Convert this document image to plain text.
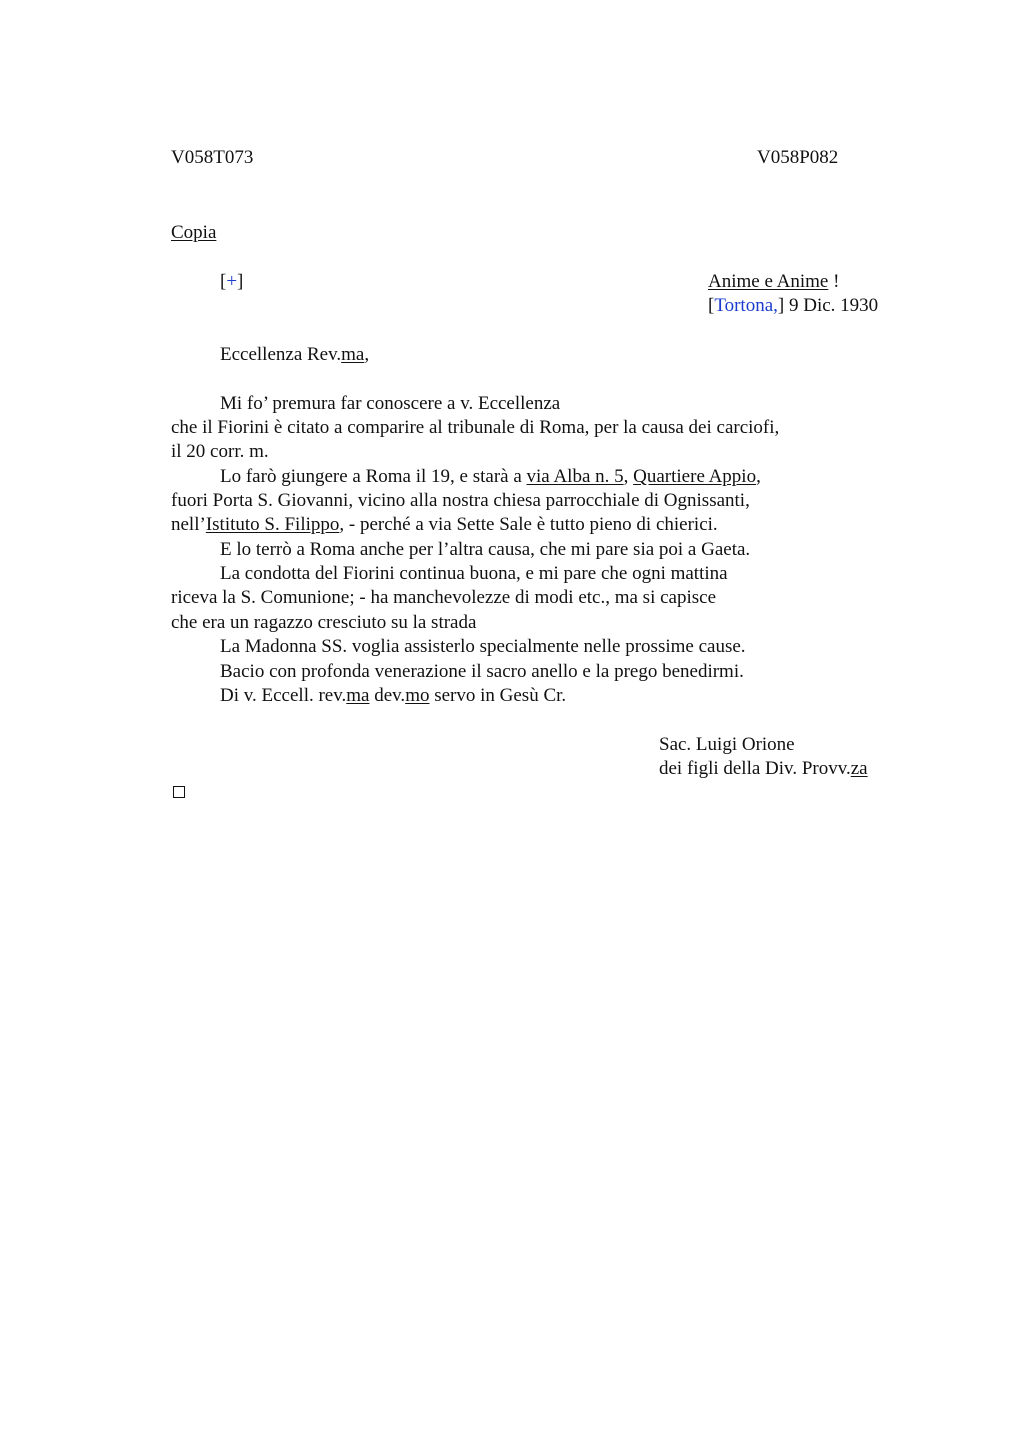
V058T073	V058P082
Copia
[+]	Anime e Anime !
[Tortona,] 9 Dic. 1930
Eccellenza Rev.ma,
Mi fo’ premura far conoscere a v. Eccellenza
che il Fiorini è citato a comparire al tribunale di Roma, per la causa dei carciofi,
il 20 corr. m.
Lo farò giungere a Roma il 19, e starà a via Alba n. 5, Quartiere Appio,
fuori Porta S. Giovanni, vicino alla nostra chiesa parrocchiale di Ognissanti,
nell’Istituto S. Filippo, - perché a via Sette Sale è tutto pieno di chierici.
E lo terrò a Roma anche per l’altra causa, che mi pare sia poi a Gaeta.
La condotta del Fiorini continua buona, e mi pare che ogni mattina
riceva la S. Comunione; - ha manchevolezze di modi etc., ma si capisce
che era un ragazzo cresciuto su la strada
La Madonna SS. voglia assisterlo specialmente nelle prossime cause.
Bacio con profonda venerazione il sacro anello e la prego benedirmi.
Di v. Eccell. rev.ma dev.mo servo in Gesù Cr.
Sac. Luigi Orione
dei figli della Div. Provv.za
